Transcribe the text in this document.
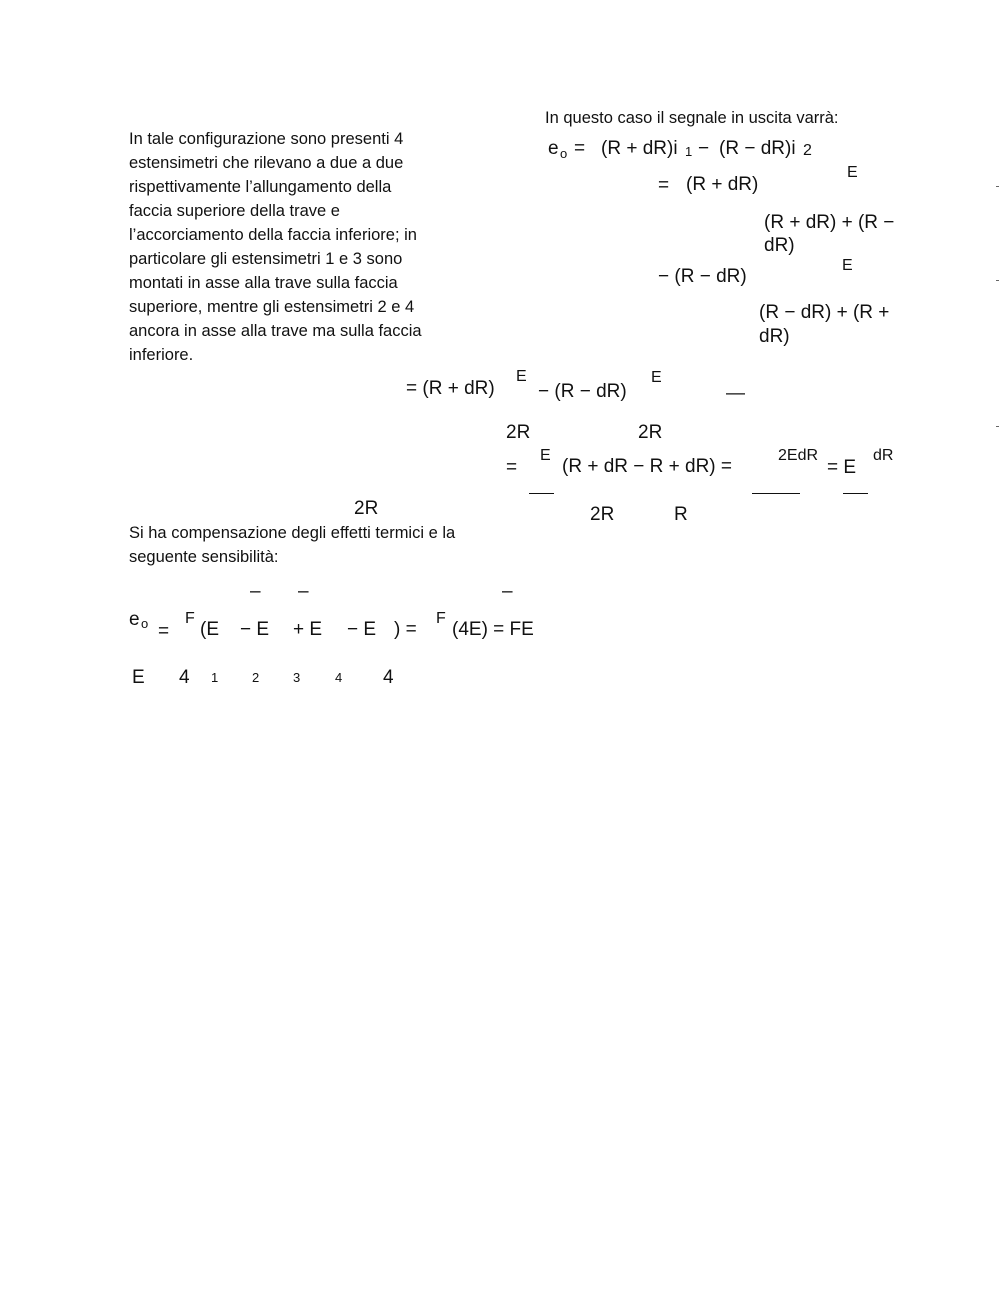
In tale configurazione sono presenti 4
estensimetri che rilevano a due a due
rispettivamente l’allungamento della
faccia superiore della trave e
l’accorciamento della faccia inferiore; in
particolare gli estensimetri 1 e 3 sono
montati in asse alla trave sulla faccia
superiore, mentre gli estensimetri 2 e 4
ancora in asse alla trave ma sulla faccia
inferiore.
In questo caso il segnale in uscita varrà:
e o = (R + dR)i 1 − (R − dR)i 2
= (R + dR)
E
(R + dR) + (R −
dR)
− (R − dR)
E
(R − dR) + (R +
dR)
= (R + dR)
E
− (R − dR)
E
—
2R	2R
=
E
(R + dR − R + dR) =
2EdR
= E
dR
2R	R
2R
Si ha compensazione degli effetti termici e la
seguente sensibilità:
– –	–
e o =
F
(E − E + E − E ) =
F
(4E) = FE
E 4 1	2	3	4 4
